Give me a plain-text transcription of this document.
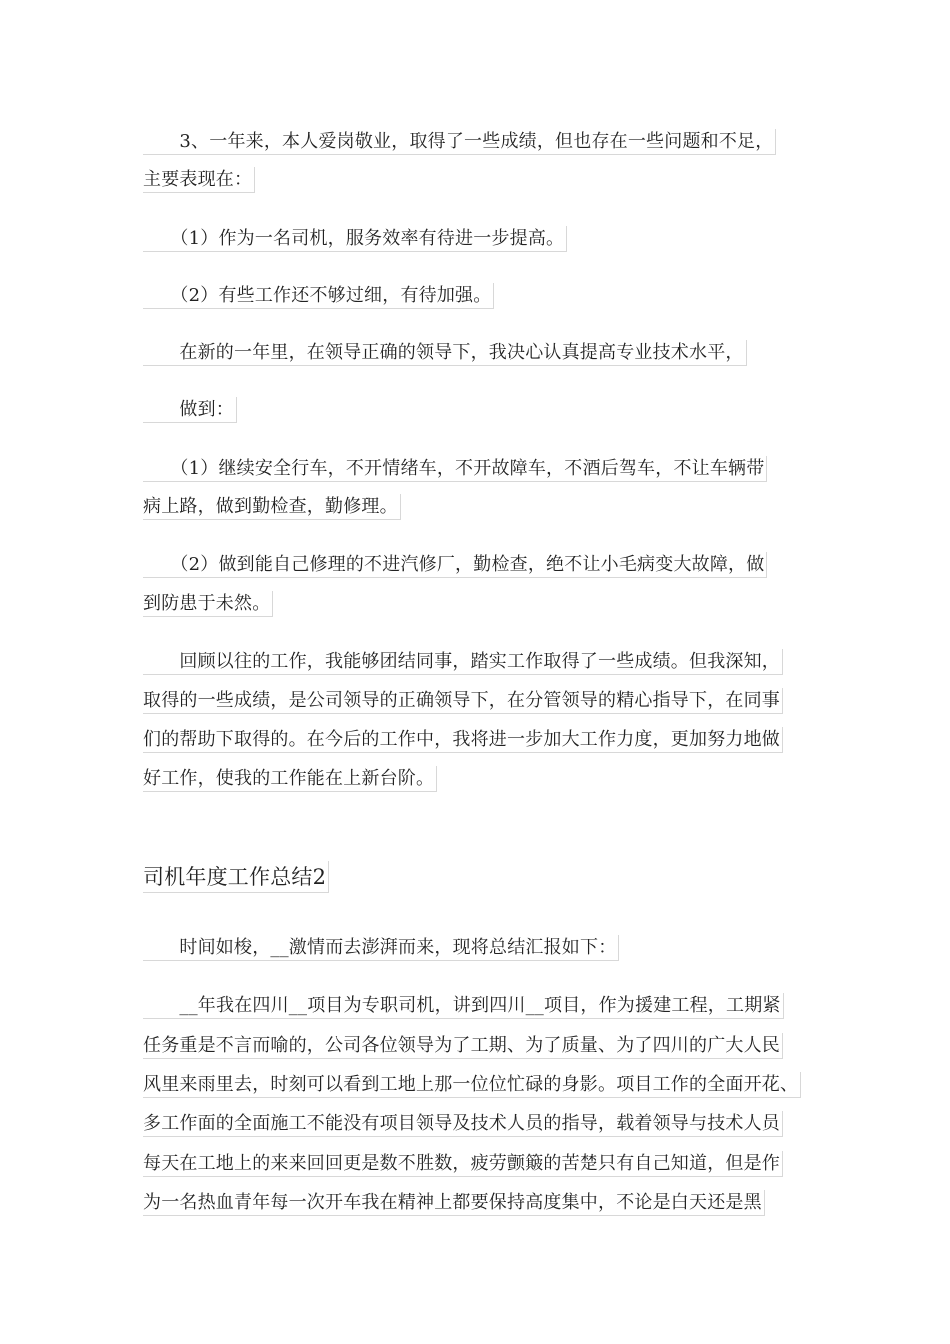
　　3、一年来，本人爱岗敬业，取得了一些成绩，但也存在一些问题和不足，
主要表现在：
　　（1）作为一名司机，服务效率有待进一步提高。
　　（2）有些工作还不够过细，有待加强。
　　在新的一年里，在领导正确的领导下，我决心认真提高专业技术水平，
　　做到：
　　（1）继续安全行车，不开情绪车，不开故障车，不酒后驾车，不让车辆带
病上路，做到勤检查，勤修理。
　　（2）做到能自己修理的不进汽修厂，勤检查，绝不让小毛病变大故障，做
到防患于未然。
　　回顾以往的工作，我能够团结同事，踏实工作取得了一些成绩。但我深知，
取得的一些成绩，是公司领导的正确领导下，在分管领导的精心指导下，在同事
们的帮助下取得的。在今后的工作中，我将进一步加大工作力度，更加努力地做
好工作，使我的工作能在上新台阶。
司机年度工作总结2
　　时间如梭，__激情而去澎湃而来，现将总结汇报如下：
　　__年我在四川__项目为专职司机，讲到四川__项目，作为援建工程，工期紧
任务重是不言而喻的，公司各位领导为了工期、为了质量、为了四川的广大人民
风里来雨里去，时刻可以看到工地上那一位位忙碌的身影。项目工作的全面开花、
多工作面的全面施工不能没有项目领导及技术人员的指导，载着领导与技术人员
每天在工地上的来来回回更是数不胜数，疲劳颤簸的苦楚只有自己知道，但是作
为一名热血青年每一次开车我在精神上都要保持高度集中，不论是白天还是黑
